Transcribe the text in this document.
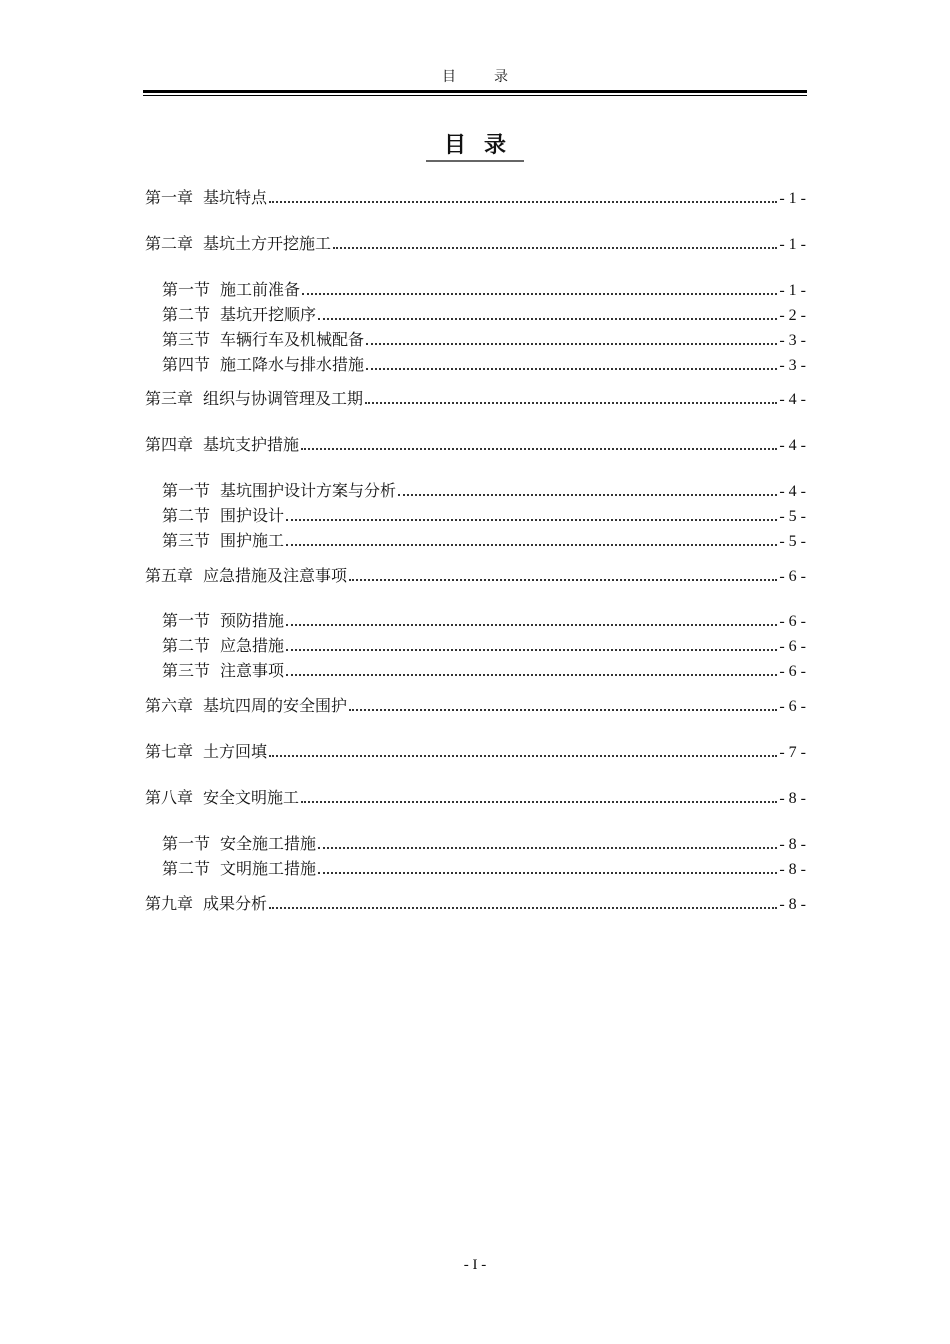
目录
目录
第一章 基坑特点	- 1 -
第二章 基坑土方开挖施工	- 1 -
第一节 施工前准备	- 1 -
第二节 基坑开挖顺序	- 2 -
第三节 车辆行车及机械配备	- 3 -
第四节 施工降水与排水措施	- 3 -
第三章 组织与协调管理及工期	- 4 -
第四章 基坑支护措施	- 4 -
第一节 基坑围护设计方案与分析	- 4 -
第二节 围护设计	- 5 -
第三节 围护施工	- 5 -
第五章 应急措施及注意事项	- 6 -
第一节 预防措施	- 6 -
第二节 应急措施	- 6 -
第三节 注意事项	- 6 -
第六章 基坑四周的安全围护	- 6 -
第七章 土方回填	- 7 -
第八章 安全文明施工	- 8 -
第一节 安全施工措施	- 8 -
第二节 文明施工措施	- 8 -
第九章 成果分析	- 8 -
- I -
